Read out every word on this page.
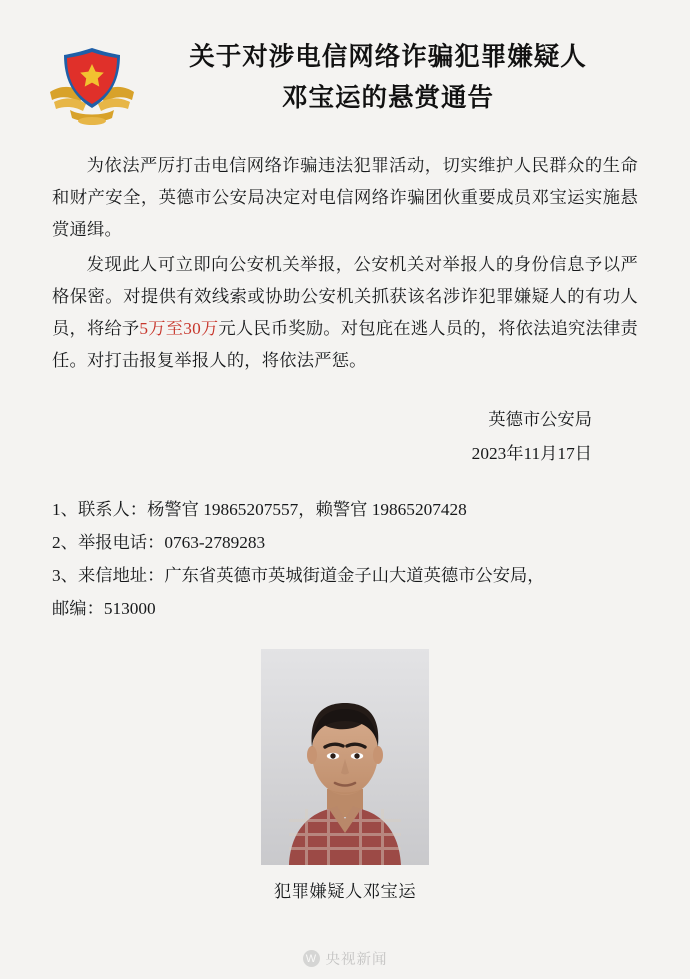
关于对涉电信网络诈骗犯罪嫌疑人
邓宝运的悬赏通告

为依法严厉打击电信网络诈骗违法犯罪活动，切实维护人民群众的生命和财产安全，英德市公安局决定对电信网络诈骗团伙重要成员邓宝运实施悬赏通缉。

发现此人可立即向公安机关举报，公安机关对举报人的身份信息予以严格保密。对提供有效线索或协助公安机关抓获该名涉诈犯罪嫌疑人的有功人员，将给予5万至30万元人民币奖励。对包庇在逃人员的，将依法追究法律责任。对打击报复举报人的，将依法严惩。

英德市公安局
2023年11月17日
1、联系人：杨警官 19865207557，赖警官 19865207428
2、举报电话：0763-2789283
3、来信地址：广东省英德市英城街道金子山大道英德市公安局，
邮编：513000
犯罪嫌疑人邓宝运
W 央视新闻
